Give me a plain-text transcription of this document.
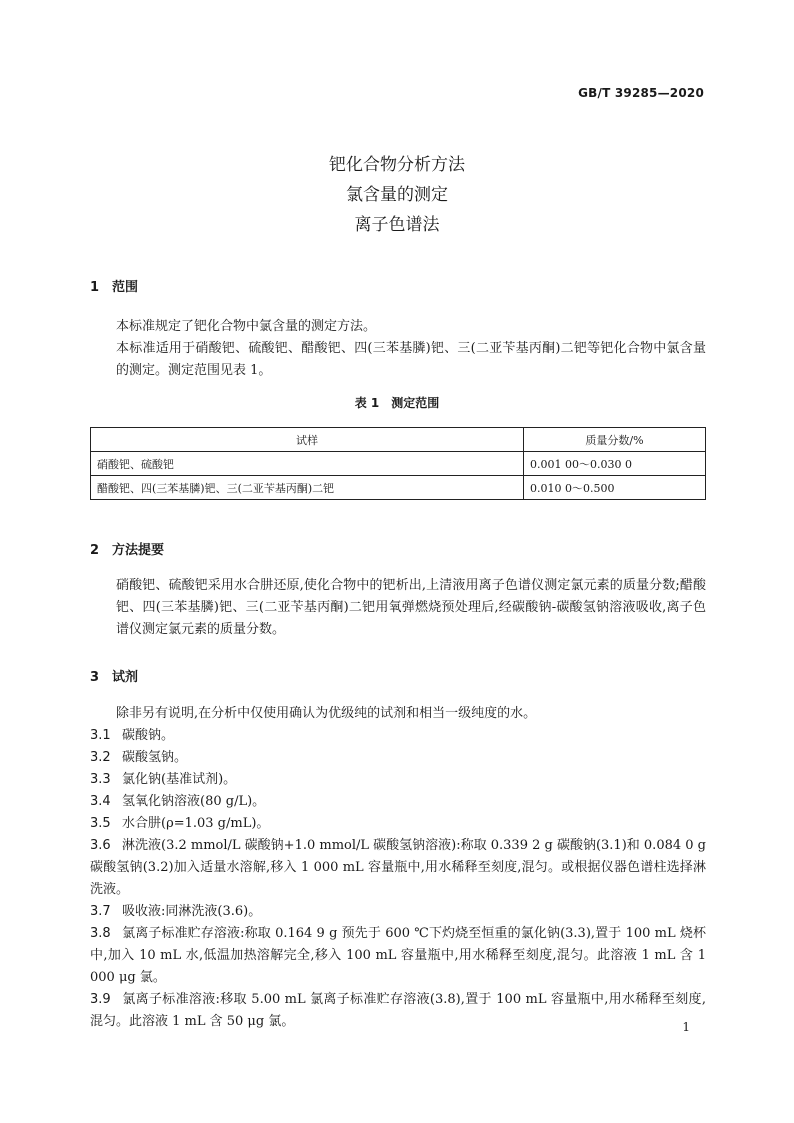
GB/T 39285—2020
钯化合物分析方法
氯含量的测定
离子色谱法
1 范围
本标准规定了钯化合物中氯含量的测定方法。
本标准适用于硝酸钯、硫酸钯、醋酸钯、四(三苯基膦)钯、三(二亚苄基丙酮)二钯等钯化合物中氯含量的测定。测定范围见表 1。
表 1　测定范围
试样	质量分数/%
硝酸钯、硫酸钯	0.001 00～0.030 0
醋酸钯、四(三苯基膦)钯、三(二亚苄基丙酮)二钯	0.010 0～0.500
2 方法提要
硝酸钯、硫酸钯采用水合肼还原,使化合物中的钯析出,上清液用离子色谱仪测定氯元素的质量分数;醋酸钯、四(三苯基膦)钯、三(二亚苄基丙酮)二钯用氧弹燃烧预处理后,经碳酸钠-碳酸氢钠溶液吸收,离子色谱仪测定氯元素的质量分数。
3 试剂
除非另有说明,在分析中仅使用确认为优级纯的试剂和相当一级纯度的水。
3.1 碳酸钠。
3.2 碳酸氢钠。
3.3 氯化钠(基准试剂)。
3.4 氢氧化钠溶液(80 g/L)。
3.5 水合肼(ρ=1.03 g/mL)。
3.6 淋洗液(3.2 mmol/L 碳酸钠+1.0 mmol/L 碳酸氢钠溶液):称取 0.339 2 g 碳酸钠(3.1)和 0.084 0 g 碳酸氢钠(3.2)加入适量水溶解,移入 1 000 mL 容量瓶中,用水稀释至刻度,混匀。或根据仪器色谱柱选择淋洗液。
3.7 吸收液:同淋洗液(3.6)。
3.8 氯离子标准贮存溶液:称取 0.164 9 g 预先于 600 ℃下灼烧至恒重的氯化钠(3.3),置于 100 mL 烧杯中,加入 10 mL 水,低温加热溶解完全,移入 100 mL 容量瓶中,用水稀释至刻度,混匀。此溶液 1 mL 含 1 000 μg 氯。
3.9 氯离子标准溶液:移取 5.00 mL 氯离子标准贮存溶液(3.8),置于 100 mL 容量瓶中,用水稀释至刻度,混匀。此溶液 1 mL 含 50 μg 氯。	1
